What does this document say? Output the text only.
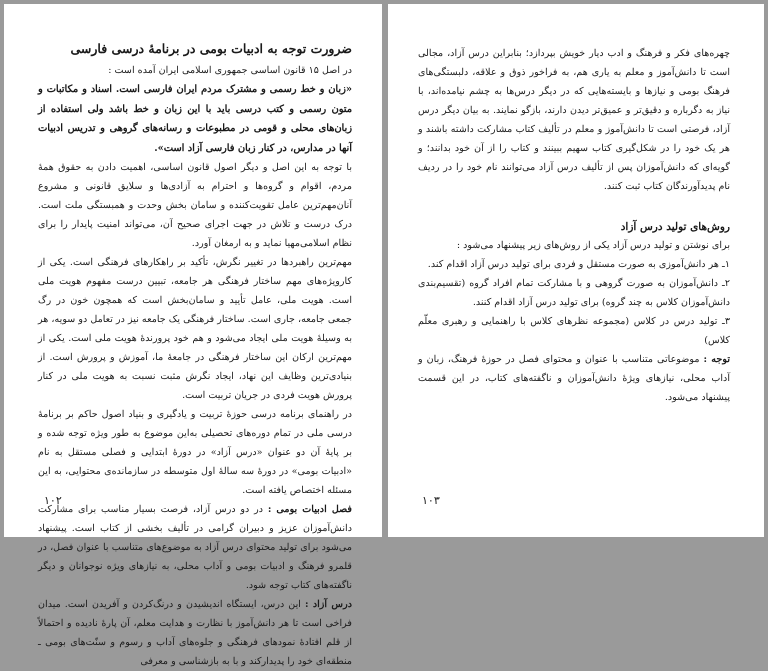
ضرورت توجه به ادبیات بومی در برنامهٔ درسی فارسی

در اصل ۱۵ قانون اساسی جمهوری اسلامی ایران آمده است :

«زبان و خط رسمی و مشترک مردم ایران فارسی است. اسناد و مکاتبات و متون رسمی و کتب درسی باید با این زبان و خط باشد ولی استفاده از زبان‌های محلی و قومی در مطبوعات و رسانه‌های گروهی و تدریس ادبیات آنها در مدارس، در کنار زبان فارسی آزاد است».

با توجه به این اصل و دیگر اصول قانون اساسی، اهمیت دادن به حقوق همهٔ مردم، اقوام و گروه‌ها و احترام به آزادی‌ها و سلایق قانونی و مشروع آنان‌مهم‌ترین عامل تقویت‌کننده و سامان بخش وحدت و همبستگی ملت است. درک درست و تلاش در جهت اجرای صحیح آن، می‌تواند امنیت پایدار را برای نظام اسلامی‌مهیا نماید و به ارمغان آورد.

مهم‌ترین راهبردها در تغییر نگرش، تأکید بر راهکارهای فرهنگی است. یکی از کارویژه‌های مهم ساختار فرهنگی هر جامعه، تبیین درست مفهوم هویت ملی است. هویت ملی، عامل تأیید و سامان‌بخش است که همچون خون در رگ جمعی جامعه، جاری است. ساختار فرهنگی یک جامعه نیز در تعامل دو سویه، هر به وسیلهٔ هویت ملی ایجاد می‌شود و هم خود پرورندهٔ هویت ملی است. یکی از مهم‌ترین ارکان این ساختار فرهنگی در جامعهٔ ما، آموزش و پرورش است. از بنیادی‌ترین وظایف این نهاد، ایجاد نگرش مثبت نسبت به هویت ملی در کنار پرورش هویت فردی در جریان تربیت است.

در راهنمای برنامه درسی حوزهٔ تربیت و یادگیری و بنیاد اصول حاکم بر برنامهٔ درسی ملی در تمام دوره‌های تحصیلی به‌این موضوع به طور ویژه توجه شده و بر پایهٔ آن دو عنوان «درس آزاد» در دورهٔ ابتدایی و فصلی مستقل به نام «ادبیات بومی» در دورهٔ سه سالهٔ اول متوسطه در سازمانده‌ی محتوایی، به این مسئله اختصاص یافته است.

فصل ادبیات بومی : در دو درس آزاد، فرصت بسیار مناسب برای مشارکت دانش‌آموزان عزیز و دبیران گرامی در تألیف بخشی از کتاب است. پیشنهاد می‌شود برای تولید محتوای درس آزاد به موضوع‌های متناسب با عنوان فصل، در قلمرو فرهنگ و ادبیات بومی و آداب محلی، به نیازهای ویژه نوجوانان و دیگر ناگفته‌های کتاب توجه شود.

درس آزاد : این درس، ایستگاه اندیشیدن و درنگ‌کردن و آفریدن است. میدان فراخی است تا هر دانش‌آموز با نظارت و هدایت معلم، آن پارهٔ نادیده و احتمالاً از قلم افتادهٔ نمودهای فرهنگی و جلوه‌های آداب و رسوم و سنّت‌های بومی ـ منطقه‌ای خود را پدیدارکند و با به بازشناسی و معرفی

۱۰۲

چهره‌های فکر و فرهنگ و ادب دیار خویش بپردازد؛ بنابراین درس آزاد، مجالی است تا دانش‌آموز و معلم به یاری هم، به فراخور ذوق و علاقه، دلبستگی‌های فرهنگ بومی و نیازها و بایسته‌هایی که در دیگر درس‌ها به چشم نیامده‌اند، با نیاز به دگرباره و دقیق‌تر و عمیق‌تر دیدن دارند، بازگو نمایند. به بیان دیگر درس آزاد، فرصتی است تا دانش‌آموز و معلم در تألیف کتاب مشارکت داشته باشند و هر یک خود را در شکل‌گیری کتاب سهیم ببینند و کتاب را از آن خود بدانند؛ و گویه‌ای که دانش‌آموزان پس از تألیف درس آزاد می‌توانند نام خود را در ردیف نام پدیدآورندگان کتاب ثبت کنند.

روش‌های تولید درس آزاد

برای نوشتن و تولید درس آزاد یکی از روش‌های زیر پیشنهاد می‌شود :

۱ـ هر دانش‌آموزی به صورت مستقل و فردی برای تولید درس آزاد اقدام کند.

۲ـ دانش‌آموزان به صورت گروهی و با مشارکت تمام افراد گروه (تقسیم‌بندی دانش‌آموزان کلاس به چند گروه) برای تولید درس آزاد اقدام کنند.

۳ـ تولید درس در کلاس (مجموعه نظرهای کلاس با راهنمایی و رهبری معلّم کلاس)

توجه : موضوعاتی متناسب با عنوان و محتوای فصل در حوزهٔ فرهنگ، زبان و آداب محلی، نیازهای ویژهٔ دانش‌آموزان و ناگفته‌های کتاب، در این قسمت پیشنهاد می‌شود.

۱۰۳
